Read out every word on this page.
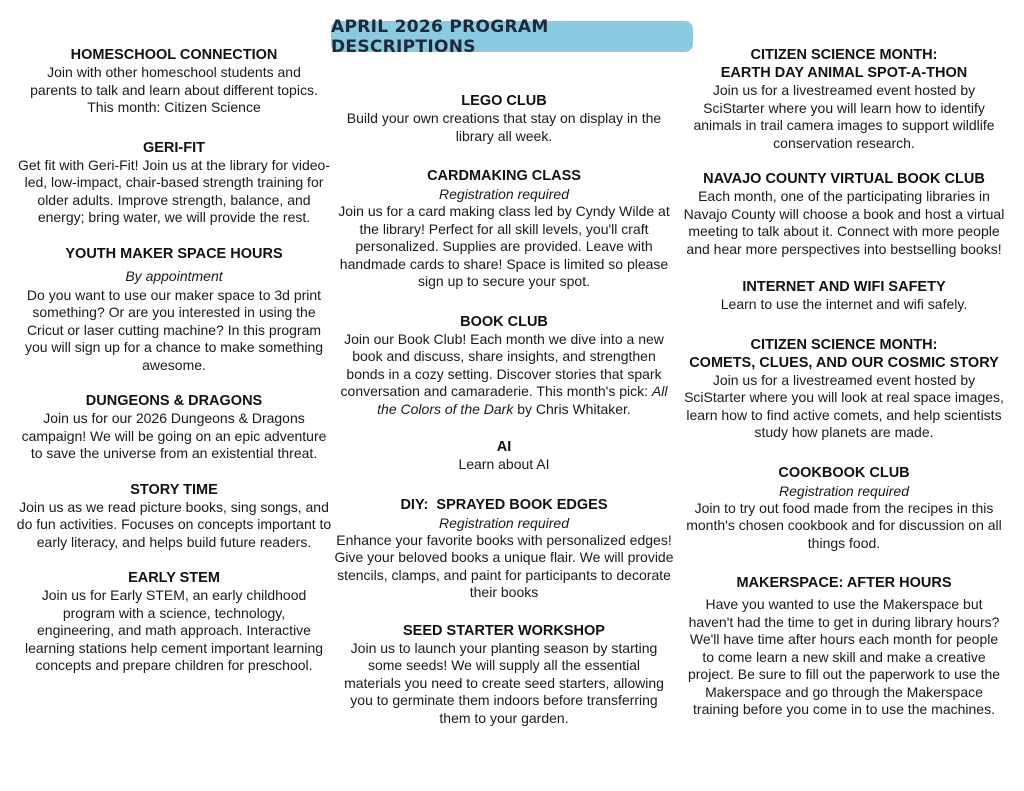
APRIL 2026 PROGRAM DESCRIPTIONS
HOMESCHOOL CONNECTION

Join with other homeschool students and parents to talk and learn about different topics.

This month: Citizen Science

GERI-FIT

Get fit with Geri-Fit! Join us at the library for video-led, low-impact, chair-based strength training for older adults. Improve strength, balance, and energy; bring water, we will provide the rest.

YOUTH MAKER SPACE HOURS

By appointment

Do you want to use our maker space to 3d print something? Or are you interested in using the Cricut or laser cutting machine? In this program you will sign up for a chance to make something awesome.

DUNGEONS & DRAGONS

Join us for our 2026 Dungeons & Dragons campaign! We will be going on an epic adventure to save the universe from an existential threat.

STORY TIME

Join us as we read picture books, sing songs, and do fun activities. Focuses on concepts important to early literacy, and helps build future readers.

EARLY STEM

Join us for Early STEM, an early childhood program with a science, technology, engineering, and math approach. Interactive learning stations help cement important learning concepts and prepare children for preschool.

LEGO CLUB

Build your own creations that stay on display in the library all week.

CARDMAKING CLASS

Registration required

Join us for a card making class led by Cyndy Wilde at the library! Perfect for all skill levels, you'll craft personalized. Supplies are provided. Leave with handmade cards to share! Space is limited so please sign up to secure your spot.

BOOK CLUB

Join our Book Club! Each month we dive into a new book and discuss, share insights, and strengthen bonds in a cozy setting. Discover stories that spark conversation and camaraderie. This month's pick: All the Colors of the Dark by Chris Whitaker.

AI

Learn about AI

DIY:  SPRAYED BOOK EDGES

Registration required

Enhance your favorite books with personalized edges! Give your beloved books a unique flair. We will provide stencils, clamps, and paint for participants to decorate their books

SEED STARTER WORKSHOP

Join us to launch your planting season by starting some seeds! We will supply all the essential materials you need to create seed starters, allowing you to germinate them indoors before transferring them to your garden.

CITIZEN SCIENCE MONTH:
EARTH DAY ANIMAL SPOT-A-THON

Join us for a livestreamed event hosted by SciStarter where you will learn how to identify animals in trail camera images to support wildlife conservation research.

NAVAJO COUNTY VIRTUAL BOOK CLUB

Each month, one of the participating libraries in Navajo County will choose a book and host a virtual meeting to talk about it. Connect with more people and hear more perspectives into bestselling books!

INTERNET AND WIFI SAFETY

Learn to use the internet and wifi safely.

CITIZEN SCIENCE MONTH:
COMETS, CLUES, AND OUR COSMIC STORY

Join us for a livestreamed event hosted by SciStarter where you will look at real space images, learn how to find active comets, and help scientists study how planets are made.

COOKBOOK CLUB

Registration required

Join to try out food made from the recipes in this month's chosen cookbook and for discussion on all things food.

MAKERSPACE: AFTER HOURS

Have you wanted to use the Makerspace but haven't had the time to get in during library hours? We'll have time after hours each month for people to come learn a new skill and make a creative project. Be sure to fill out the paperwork to use the Makerspace and go through the Makerspace training before you come in to use the machines.
